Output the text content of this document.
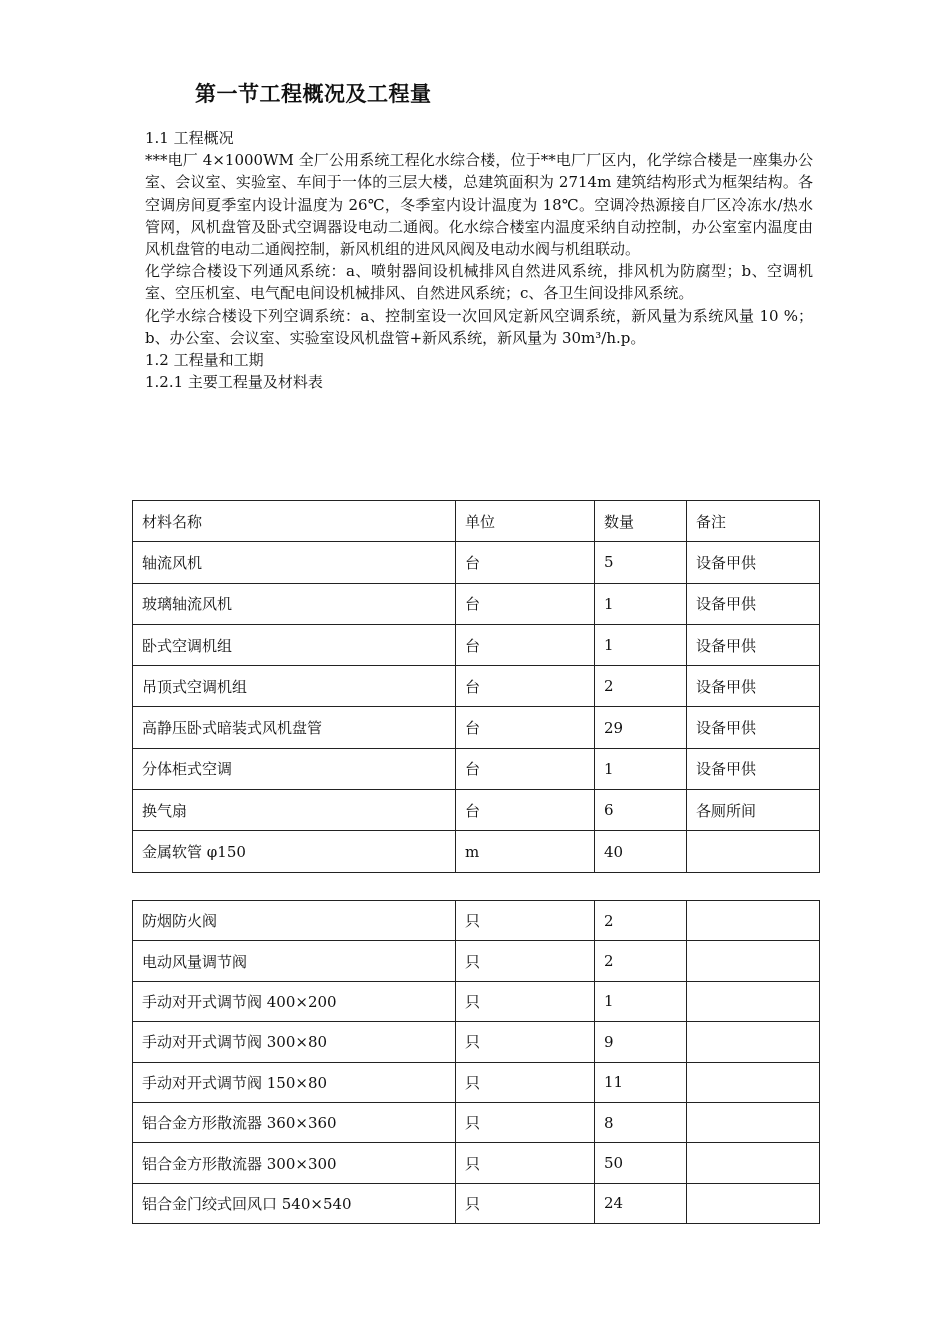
第一节工程概况及工程量

1.1 工程概况

***电厂 4×1000WM 全厂公用系统工程化水综合楼，位于**电厂厂区内，化学综合楼是一座集办公室、会议室、实验室、车间于一体的三层大楼，总建筑面积为 2714m 建筑结构形式为框架结构。各空调房间夏季室内设计温度为 26℃，冬季室内设计温度为 18℃。空调冷热源接自厂区冷冻水/热水管网，风机盘管及卧式空调器设电动二通阀。化水综合楼室内温度采纳自动控制，办公室室内温度由风机盘管的电动二通阀控制，新风机组的进风风阀及电动水阀与机组联动。

化学综合楼设下列通风系统：a、喷射器间设机械排风自然进风系统，排风机为防腐型；b、空调机室、空压机室、电气配电间设机械排风、自然进风系统；c、各卫生间设排风系统。

化学水综合楼设下列空调系统：a、控制室设一次回风定新风空调系统，新风量为系统风量 10 %；b、办公室、会议室、实验室设风机盘管+新风系统，新风量为 30m³/h.p。

1.2 工程量和工期

1.2.1 主要工程量及材料表

材料名称	单位	数量	备注
轴流风机	台	5	设备甲供
玻璃轴流风机	台	1	设备甲供
卧式空调机组	台	1	设备甲供
吊顶式空调机组	台	2	设备甲供
高静压卧式暗装式风机盘管	台	29	设备甲供
分体柜式空调	台	1	设备甲供
换气扇	台	6	各厕所间
金属软管 φ150	m	40	
防烟防火阀	只	2	
电动风量调节阀	只	2	
手动对开式调节阀 400×200	只	1	
手动对开式调节阀 300×80	只	9	
手动对开式调节阀 150×80	只	11	
铝合金方形散流器 360×360	只	8	
铝合金方形散流器 300×300	只	50	
铝合金门绞式回风口 540×540	只	24	
